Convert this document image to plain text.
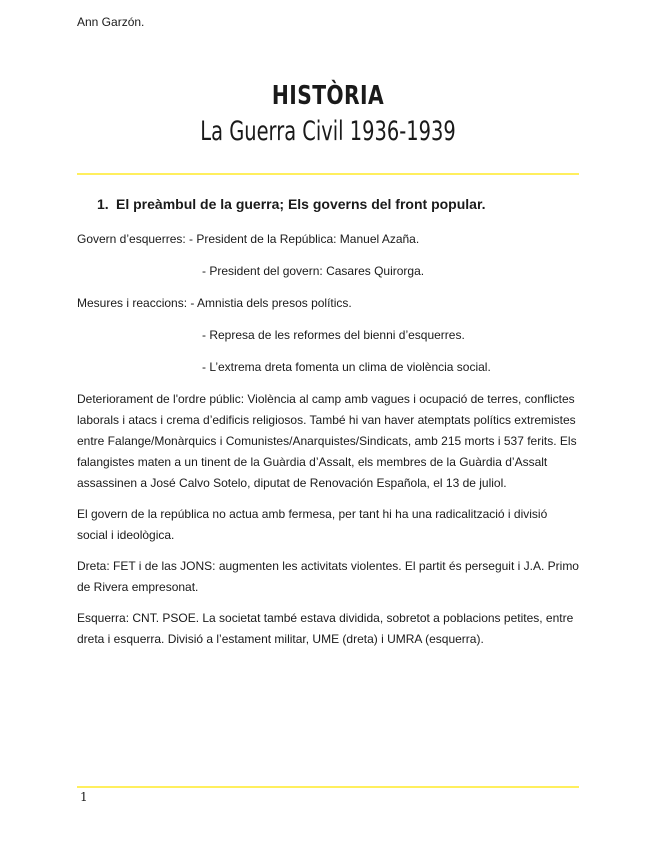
Ann Garzón.
HISTÒRIA
La Guerra Civil 1936-1939
1. El preàmbul de la guerra; Els governs del front popular.
Govern d’esquerres: - President de la República: Manuel Azaña.
- President del govern: Casares Quirorga.
Mesures i reaccions: - Amnistia dels presos polítics.
- Represa de les reformes del bienni d’esquerres.
- L’extrema dreta fomenta un clima de violència social.
Deteriorament de l'ordre públic: Violència al camp amb vagues i ocupació de terres, conflictes laborals i atacs i crema d’edificis religiosos. També hi van haver atemptats polítics extremistes entre Falange/Monàrquics i Comunistes/Anarquistes/Sindicats, amb 215 morts i 537 ferits. Els falangistes maten a un tinent de la Guàrdia d’Assalt, els membres de la Guàrdia d’Assalt assassinen a José Calvo Sotelo, diputat de Renovación Española, el 13 de juliol.
El govern de la república no actua amb fermesa, per tant hi ha una radicalització i divisió social i ideològica.
Dreta: FET i de las JONS: augmenten les activitats violentes. El partit és perseguit i J.A. Primo de Rivera empresonat.
Esquerra: CNT. PSOE. La societat també estava dividida, sobretot a poblacions petites, entre dreta i esquerra. Divisió a l’estament militar, UME (dreta) i UMRA (esquerra).
1
